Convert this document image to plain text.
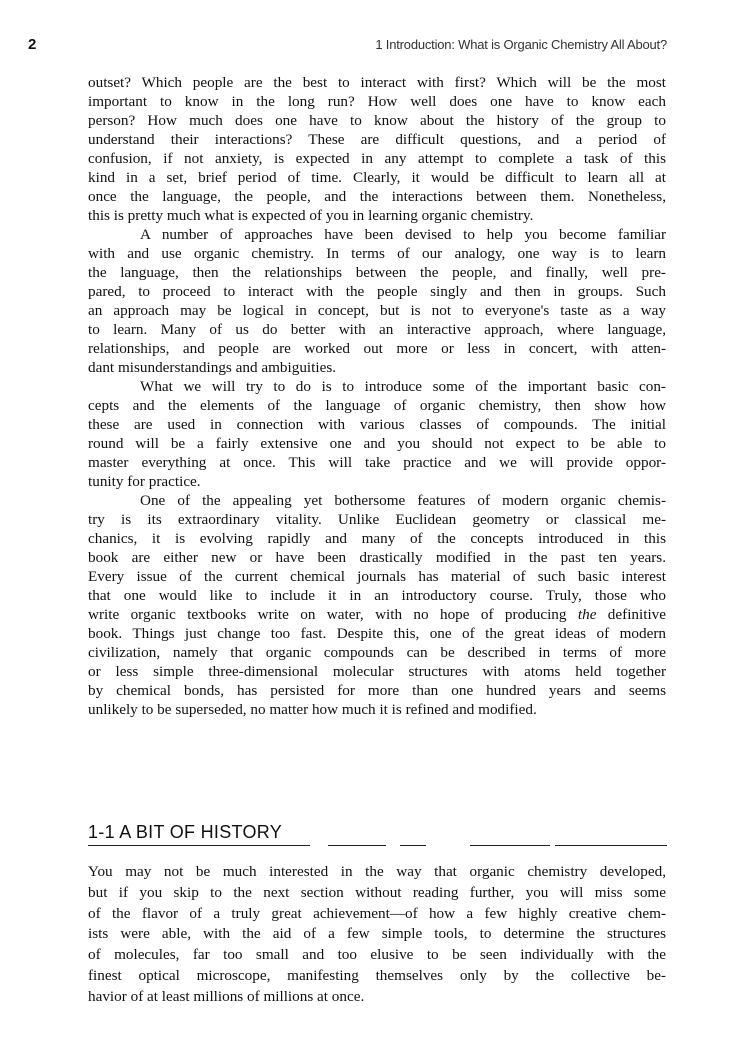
2	1 Introduction: What is Organic Chemistry All About?
outset? Which people are the best to interact with first? Which will be the most
important to know in the long run? How well does one have to know each
person? How much does one have to know about the history of the group to
understand their interactions? These are difficult questions, and a period of
confusion, if not anxiety, is expected in any attempt to complete a task of this
kind in a set, brief period of time. Clearly, it would be difficult to learn all at
once the language, the people, and the interactions between them. Nonetheless,
this is pretty much what is expected of you in learning organic chemistry.
A number of approaches have been devised to help you become familiar
with and use organic chemistry. In terms of our analogy, one way is to learn
the language, then the relationships between the people, and finally, well pre-
pared, to proceed to interact with the people singly and then in groups. Such
an approach may be logical in concept, but is not to everyone's taste as a way
to learn. Many of us do better with an interactive approach, where language,
relationships, and people are worked out more or less in concert, with atten-
dant misunderstandings and ambiguities.
What we will try to do is to introduce some of the important basic con-
cepts and the elements of the language of organic chemistry, then show how
these are used in connection with various classes of compounds. The initial
round will be a fairly extensive one and you should not expect to be able to
master everything at once. This will take practice and we will provide oppor-
tunity for practice.
One of the appealing yet bothersome features of modern organic chemis-
try is its extraordinary vitality. Unlike Euclidean geometry or classical me-
chanics, it is evolving rapidly and many of the concepts introduced in this
book are either new or have been drastically modified in the past ten years.
Every issue of the current chemical journals has material of such basic interest
that one would like to include it in an introductory course. Truly, those who
write organic textbooks write on water, with no hope of producing the definitive
book. Things just change too fast. Despite this, one of the great ideas of modern
civilization, namely that organic compounds can be described in terms of more
or less simple three-dimensional molecular structures with atoms held together
by chemical bonds, has persisted for more than one hundred years and seems
unlikely to be superseded, no matter how much it is refined and modified.
1-1 A BIT OF HISTORY
You may not be much interested in the way that organic chemistry developed,
but if you skip to the next section without reading further, you will miss some
of the flavor of a truly great achievement—of how a few highly creative chem-
ists were able, with the aid of a few simple tools, to determine the structures
of molecules, far too small and too elusive to be seen individually with the
finest optical microscope, manifesting themselves only by the collective be-
havior of at least millions of millions at once.
